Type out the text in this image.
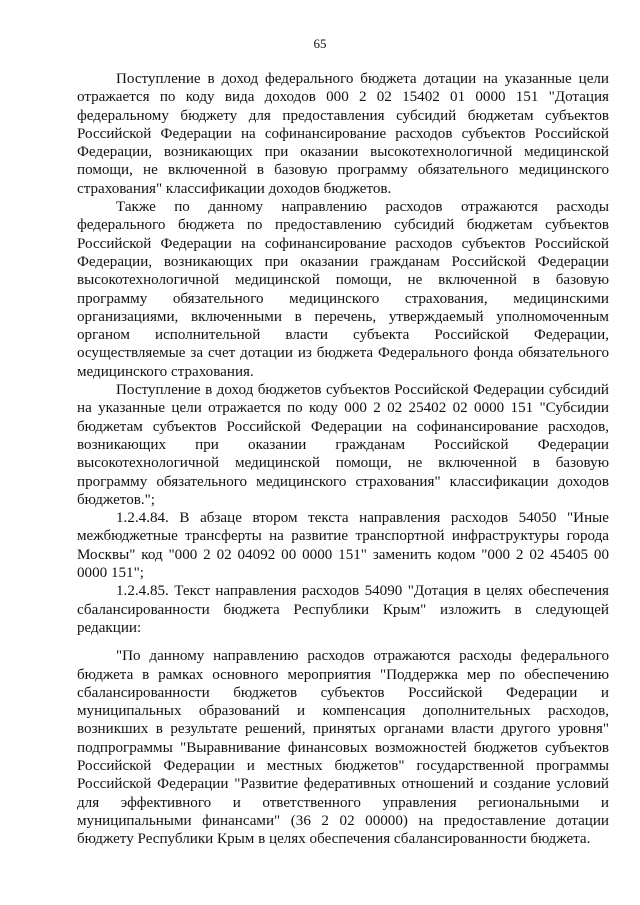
65

Поступление в доход федерального бюджета дотации на указанные цели отражается по коду вида доходов 000 2 02 15402 01 0000 151 "Дотация федеральному бюджету для предоставления субсидий бюджетам субъектов Российской Федерации на софинансирование расходов субъектов Российской Федерации, возникающих при оказании высокотехнологичной медицинской помощи, не включенной в базовую программу обязательного медицинского страхования" классификации доходов бюджетов.

Также по данному направлению расходов отражаются расходы федерального бюджета по предоставлению субсидий бюджетам субъектов Российской Федерации на софинансирование расходов субъектов Российской Федерации, возникающих при оказании гражданам Российской Федерации высокотехнологичной медицинской помощи, не включенной в базовую программу обязательного медицинского страхования, медицинскими организациями, включенными в перечень, утверждаемый уполномоченным органом исполнительной власти субъекта Российской Федерации, осуществляемые за счет дотации из бюджета Федерального фонда обязательного медицинского страхования.

Поступление в доход бюджетов субъектов Российской Федерации субсидий на указанные цели отражается по коду 000 2 02 25402 02 0000 151 "Субсидии бюджетам субъектов Российской Федерации на софинансирование расходов, возникающих при оказании гражданам Российской Федерации высокотехнологичной медицинской помощи, не включенной в базовую программу обязательного медицинского страхования" классификации доходов бюджетов.";

1.2.4.84. В абзаце втором текста направления расходов 54050 "Иные межбюджетные трансферты на развитие транспортной инфраструктуры города Москвы" код "000 2 02 04092 00 0000 151" заменить кодом "000 2 02 45405 00 0000 151";

1.2.4.85. Текст направления расходов 54090 "Дотация в целях обеспечения сбалансированности бюджета Республики Крым" изложить в следующей редакции:

"По данному направлению расходов отражаются расходы федерального бюджета в рамках основного мероприятия "Поддержка мер по обеспечению сбалансированности бюджетов субъектов Российской Федерации и муниципальных образований и компенсация дополнительных расходов, возникших в результате решений, принятых органами власти другого уровня" подпрограммы "Выравнивание финансовых возможностей бюджетов субъектов Российской Федерации и местных бюджетов" государственной программы Российской Федерации "Развитие федеративных отношений и создание условий для эффективного и ответственного управления региональными и муниципальными финансами" (36 2 02 00000) на предоставление дотации бюджету Республики Крым в целях обеспечения сбалансированности бюджета.
